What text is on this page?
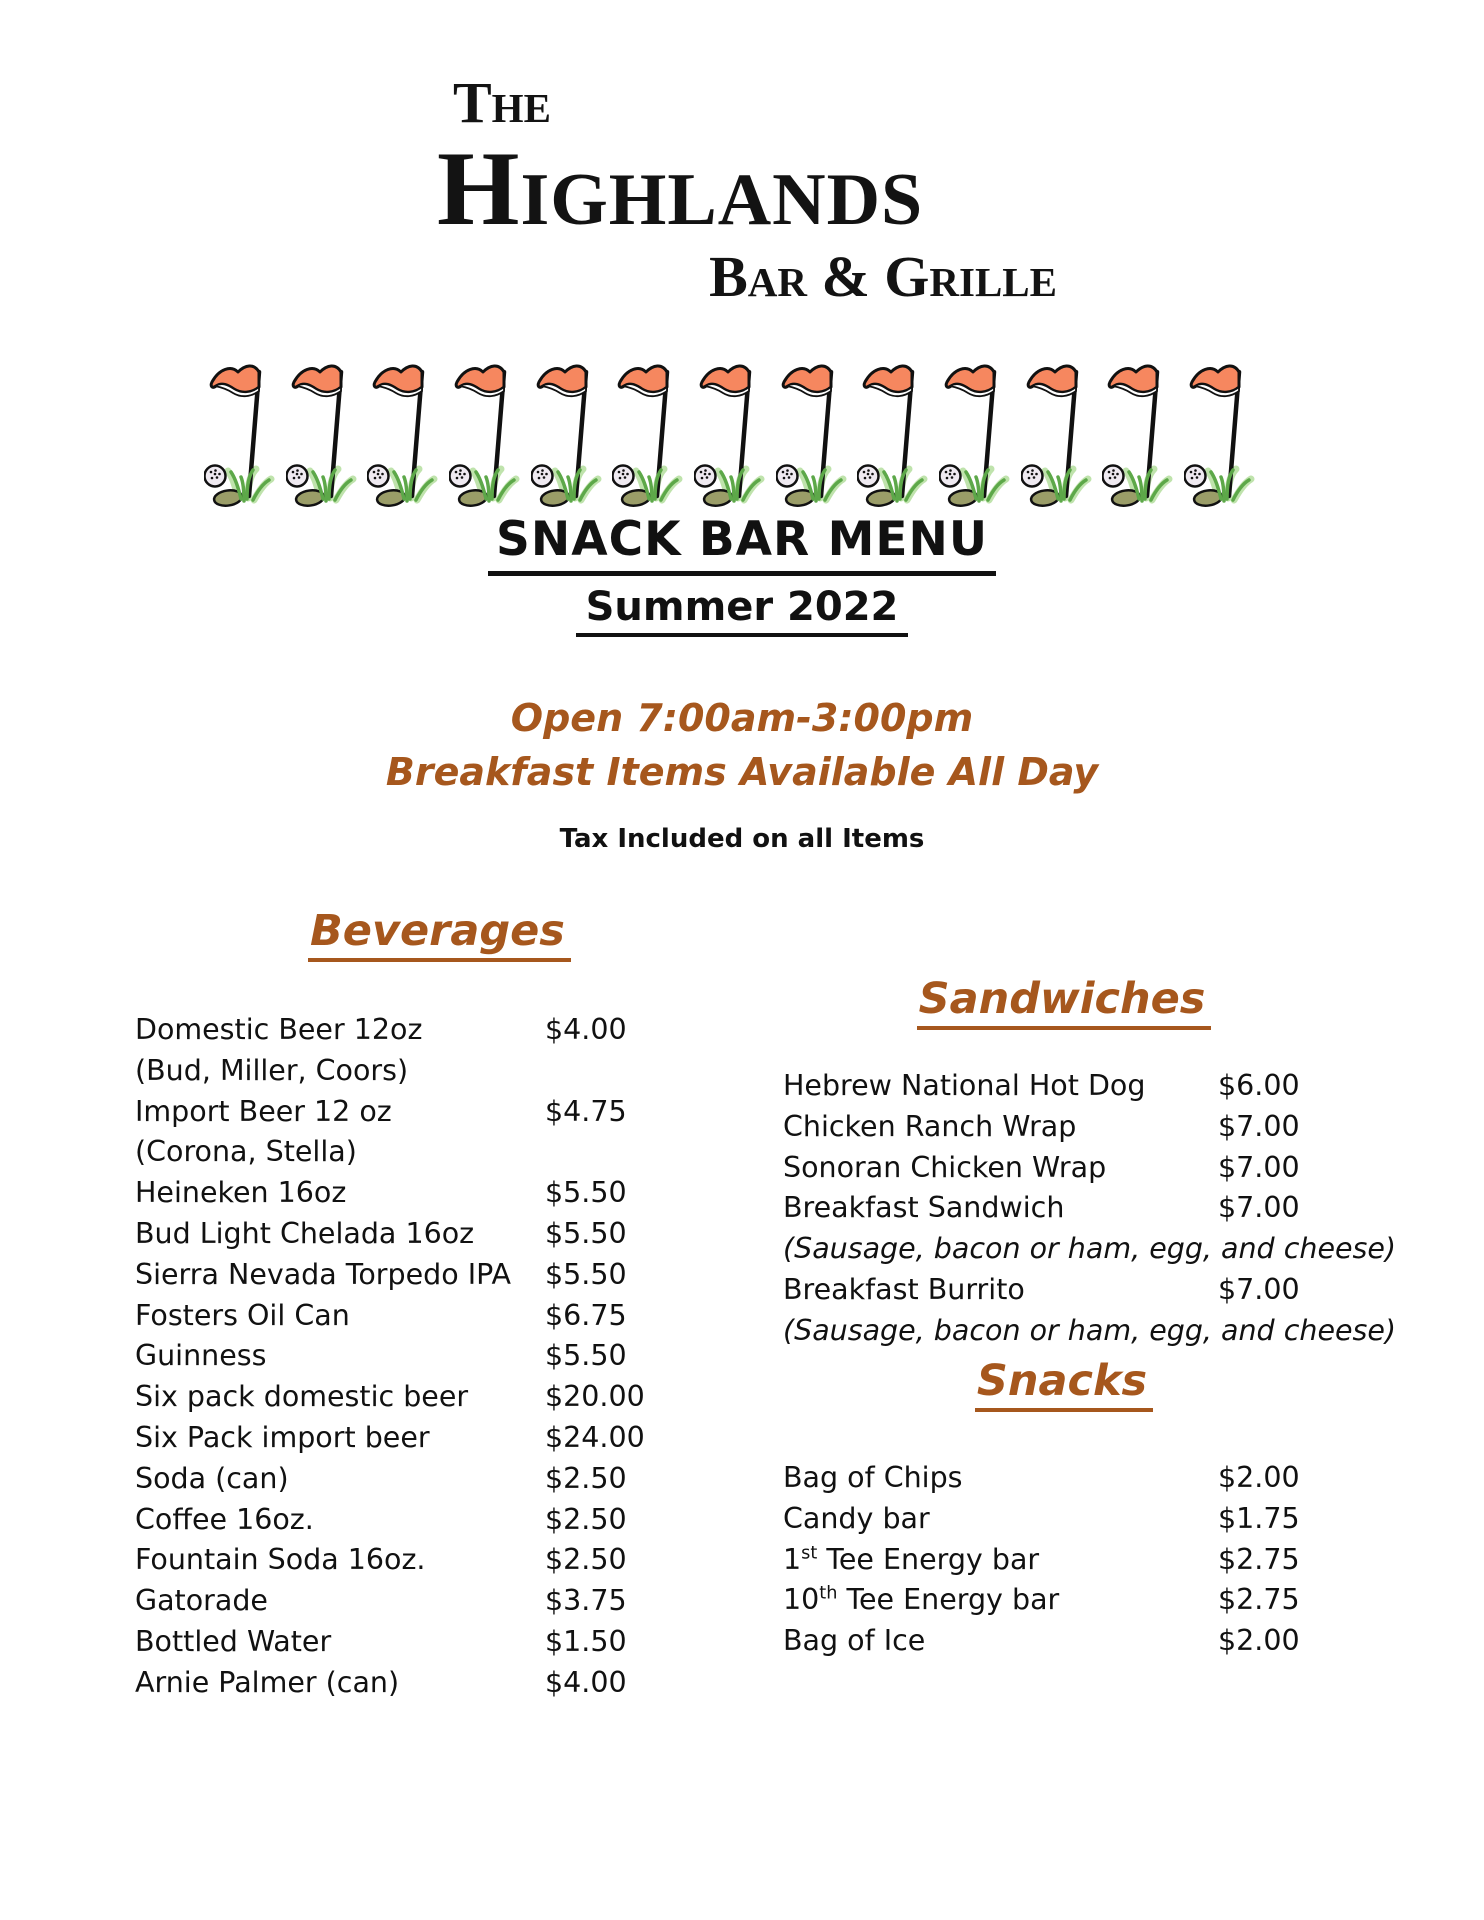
The
Highlands
Bar & Grille
SNACK BAR MENU
Summer 2022
Open 7:00am-3:00pm
Breakfast Items Available All Day
Tax Included on all Items
Beverages
Sandwiches
Snacks
Domestic Beer 12oz	$4.00
(Bud, Miller, Coors)
Import Beer 12 oz	$4.75
(Corona, Stella)
Heineken 16oz	$5.50
Bud Light Chelada 16oz	$5.50
Sierra Nevada Torpedo IPA	$5.50
Fosters Oil Can	$6.75
Guinness	$5.50
Six pack domestic beer	$20.00
Six Pack import beer	$24.00
Soda (can)	$2.50
Coffee 16oz.	$2.50
Fountain Soda 16oz.	$2.50
Gatorade	$3.75
Bottled Water	$1.50
Arnie Palmer (can)	$4.00
Hebrew National Hot Dog	$6.00
Chicken Ranch Wrap	$7.00
Sonoran Chicken Wrap	$7.00
Breakfast Sandwich	$7.00
(Sausage, bacon or ham, egg, and cheese)
Breakfast Burrito	$7.00
(Sausage, bacon or ham, egg, and cheese)
Bag of Chips	$2.00
Candy bar	$1.75
1st Tee Energy bar	$2.75
10th Tee Energy bar	$2.75
Bag of Ice	$2.00
